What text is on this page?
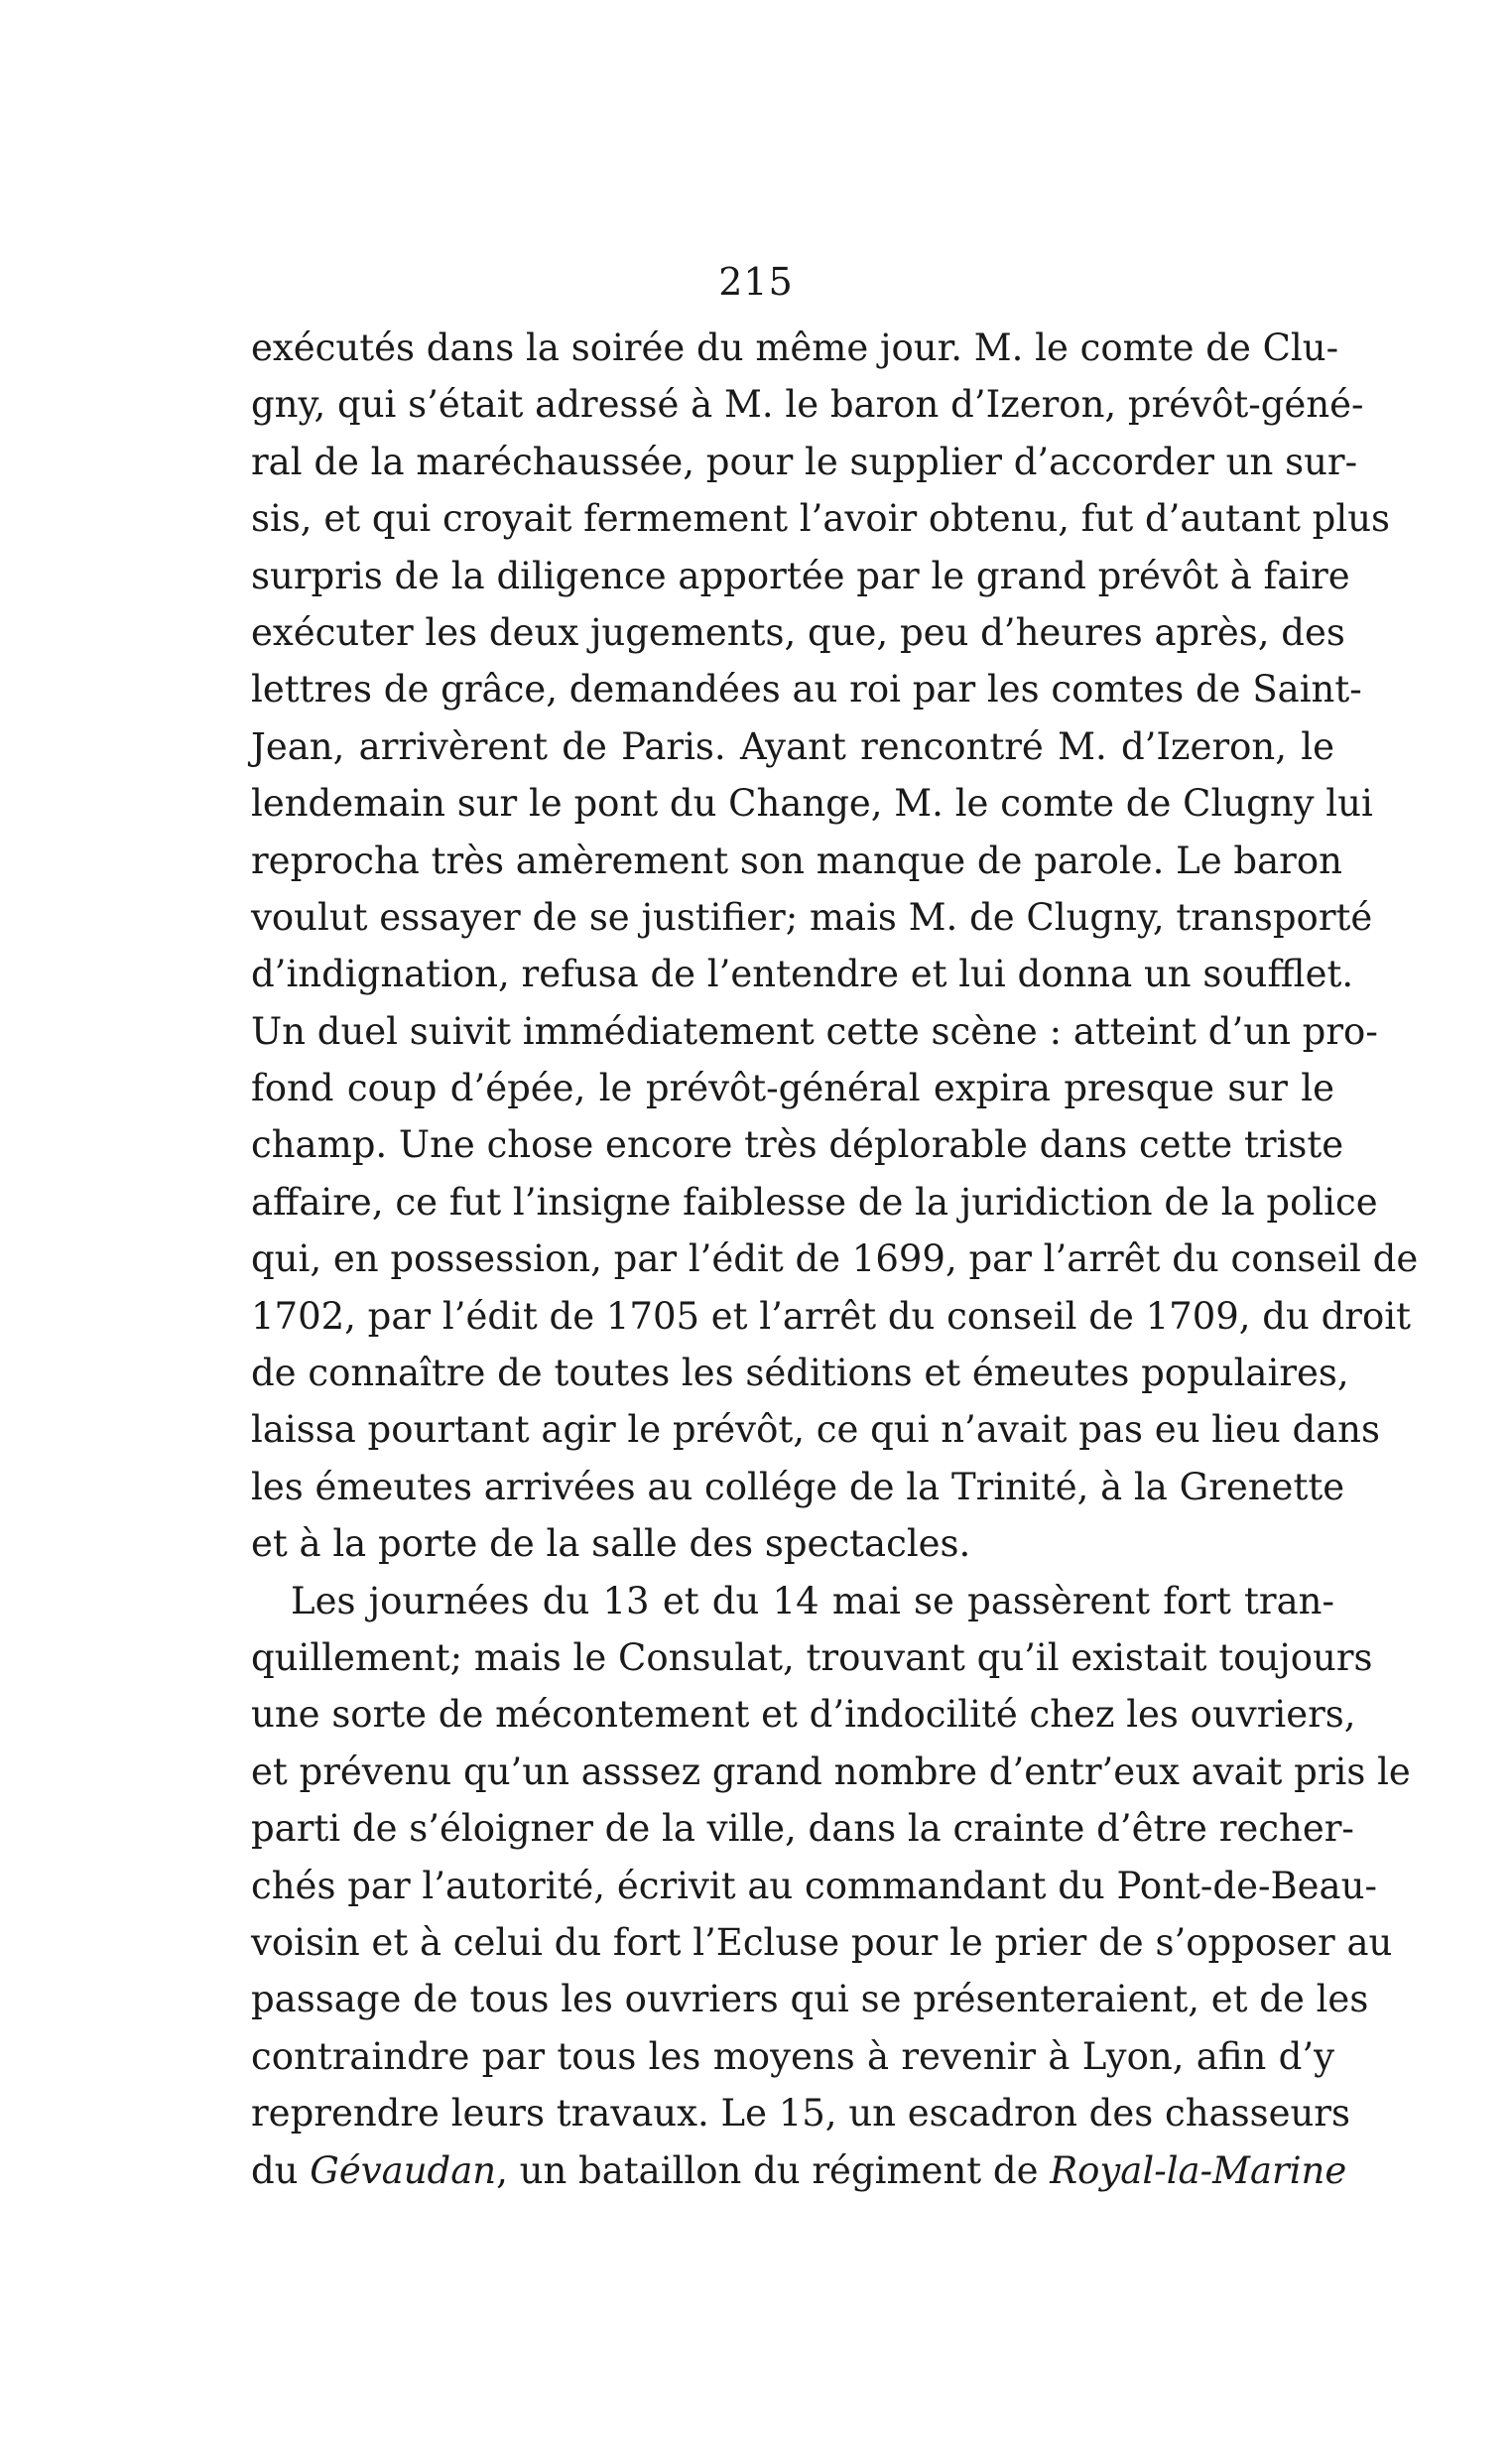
215
exécutés dans la soirée du même jour. M. le comte de Clu-
gny, qui s’était adressé à M. le baron d’Izeron, prévôt-géné-
ral de la maréchaussée, pour le supplier d’accorder un sur-
sis, et qui croyait fermement l’avoir obtenu, fut d’autant plus
surpris de la diligence apportée par le grand prévôt à faire
exécuter les deux jugements, que, peu d’heures après, des
lettres de grâce, demandées au roi par les comtes de Saint-
Jean, arrivèrent de Paris. Ayant rencontré M. d’Izeron, le
lendemain sur le pont du Change, M. le comte de Clugny lui
reprocha très amèrement son manque de parole. Le baron
voulut essayer de se justifier; mais M. de Clugny, transporté
d’indignation, refusa de l’entendre et lui donna un soufflet.
Un duel suivit immédiatement cette scène : atteint d’un pro-
fond coup d’épée, le prévôt-général expira presque sur le
champ. Une chose encore très déplorable dans cette triste
affaire, ce fut l’insigne faiblesse de la juridiction de la police
qui, en possession, par l’édit de 1699, par l’arrêt du conseil de
1702, par l’édit de 1705 et l’arrêt du conseil de 1709, du droit
de connaître de toutes les séditions et émeutes populaires,
laissa pourtant agir le prévôt, ce qui n’avait pas eu lieu dans
les émeutes arrivées au collége de la Trinité, à la Grenette
et à la porte de la salle des spectacles.
Les journées du 13 et du 14 mai se passèrent fort tran-
quillement; mais le Consulat, trouvant qu’il existait toujours
une sorte de mécontement et d’indocilité chez les ouvriers,
et prévenu qu’un asssez grand nombre d’entr’eux avait pris le
parti de s’éloigner de la ville, dans la crainte d’être recher-
chés par l’autorité, écrivit au commandant du Pont-de-Beau-
voisin et à celui du fort l’Ecluse pour le prier de s’opposer au
passage de tous les ouvriers qui se présenteraient, et de les
contraindre par tous les moyens à revenir à Lyon, afin d’y
reprendre leurs travaux. Le 15, un escadron des chasseurs
du Gévaudan, un bataillon du régiment de Royal-la-Marine
